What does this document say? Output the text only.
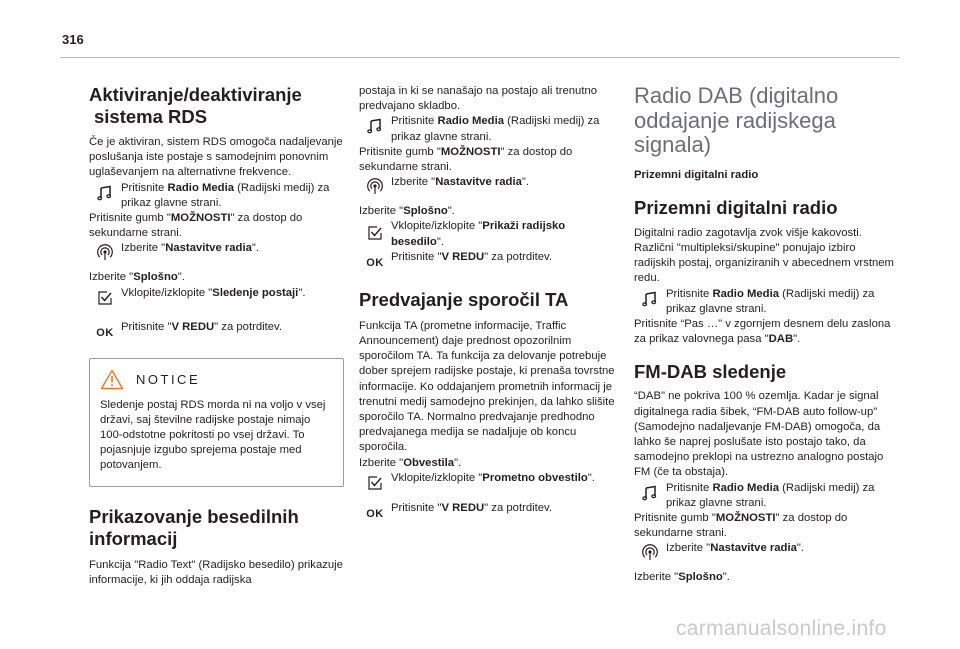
316
Aktiviranje/deaktiviranje
sistema RDS

Če je aktiviran, sistem RDS omogoča nadaljevanje poslušanja iste postaje s samodejnim ponovnim uglaševanjem na alternativne frekvence.

Pritisnite Radio Media (Radijski medij) za prikaz glavne strani.

Pritisnite gumb "MOŽNOSTI" za dostop do sekundarne strani.

Izberite "Nastavitve radia".

Izberite "Splošno".

Vklopite/izklopite "Sledenje postaji".

OK Pritisnite "V REDU" za potrditev.

NOTICE

Sledenje postaj RDS morda ni na voljo v vsej državi, saj številne radijske postaje nimajo 100-odstotne pokritosti po vsej državi. To pojasnjuje izgubo sprejema postaje med potovanjem.

Prikazovanje besedilnih
informacij

Funkcija "Radio Text" (Radijsko besedilo) prikazuje informacije, ki jih oddaja radijska

postaja in ki se nanašajo na postajo ali trenutno predvajano skladbo.

Pritisnite Radio Media (Radijski medij) za prikaz glavne strani.

Pritisnite gumb "MOŽNOSTI" za dostop do sekundarne strani.

Izberite "Nastavitve radia".

Izberite "Splošno".

Vklopite/izklopite "Prikaži radijsko besedilo".

OK Pritisnite "V REDU" za potrditev.

Predvajanje sporočil TA

Funkcija TA (prometne informacije, Traffic Announcement) daje prednost opozorilnim sporočilom TA. Ta funkcija za delovanje potrebuje dober sprejem radijske postaje, ki prenaša tovrstne informacije. Ko oddajanjem prometnih informacij je trenutni medij samodejno prekinjen, da lahko slišite sporočilo TA. Normalno predvajanje predhodno predvajanega medija se nadaljuje ob koncu sporočila.

Izberite "Obvestila".

Vklopite/izklopite "Prometno obvestilo".

OK Pritisnite "V REDU" za potrditev.

Radio DAB (digitalno
oddajanje radijskega
signala)

Prizemni digitalni radio

Prizemni digitalni radio

Digitalni radio zagotavlja zvok višje kakovosti. Različni "multipleksi/skupine" ponujajo izbiro radijskih postaj, organiziranih v abecednem vrstnem redu.

Pritisnite Radio Media (Radijski medij) za prikaz glavne strani.

Pritisnite “Pas …" v zgornjem desnem delu zaslona za prikaz valovnega pasa "DAB".

FM-DAB sledenje

“DAB" ne pokriva 100 % ozemlja. Kadar je signal digitalnega radia šibek, “FM-DAB auto follow-up" (Samodejno nadaljevanje FM-DAB) omogoča, da lahko še naprej poslušate isto postajo tako, da samodejno preklopi na ustrezno analogno postajo FM (če ta obstaja).

Pritisnite Radio Media (Radijski medij) za prikaz glavne strani.

Pritisnite gumb "MOŽNOSTI" za dostop do sekundarne strani.

Izberite "Nastavitve radia".

Izberite "Splošno".

carmanualsonline.info
